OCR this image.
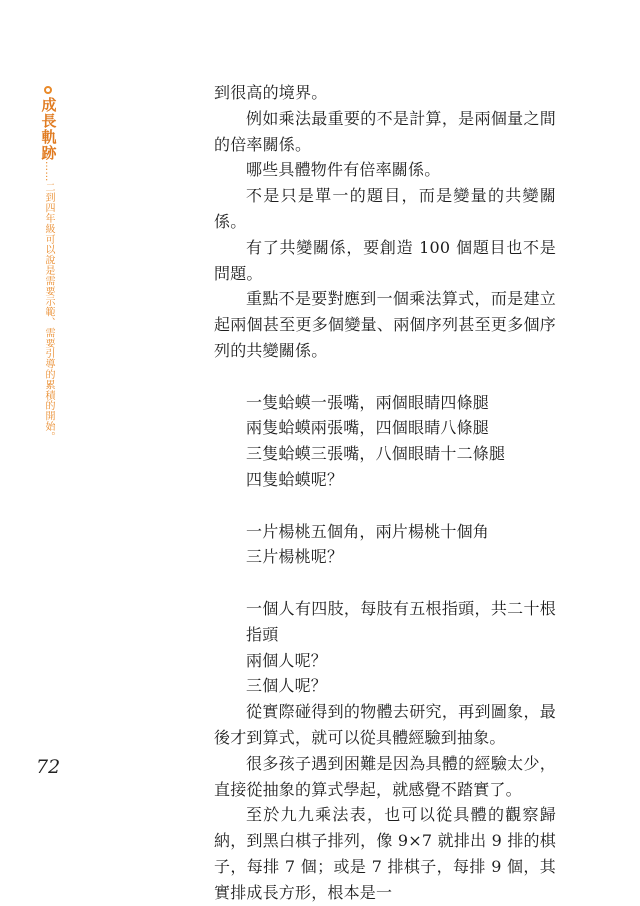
成長軌跡
……
二到四年級可以說是需要示範、需要引導的累積的開始。
72

到很高的境界。

例如乘法最重要的不是計算，是兩個量之間的倍率關係。

哪些具體物件有倍率關係。

不是只是單一的題目，而是變量的共變關係。

有了共變關係，要創造 100 個題目也不是問題。

重點不是要對應到一個乘法算式，而是建立起兩個甚至更多個變量、兩個序列甚至更多個序列的共變關係。

一隻蛤蟆一張嘴，兩個眼睛四條腿

兩隻蛤蟆兩張嘴，四個眼睛八條腿

三隻蛤蟆三張嘴，八個眼睛十二條腿

四隻蛤蟆呢？

一片楊桃五個角，兩片楊桃十個角

三片楊桃呢？

一個人有四肢，每肢有五根指頭，共二十根指頭

兩個人呢？

三個人呢？

從實際碰得到的物體去研究，再到圖象，最後才到算式，就可以從具體經驗到抽象。

很多孩子遇到困難是因為具體的經驗太少，直接從抽象的算式學起，就感覺不踏實了。

至於九九乘法表，也可以從具體的觀察歸納，到黑白棋子排列，像 9×7 就排出 9 排的棋子，每排 7 個；或是 7 排棋子，每排 9 個，其實排成長方形，根本是一
